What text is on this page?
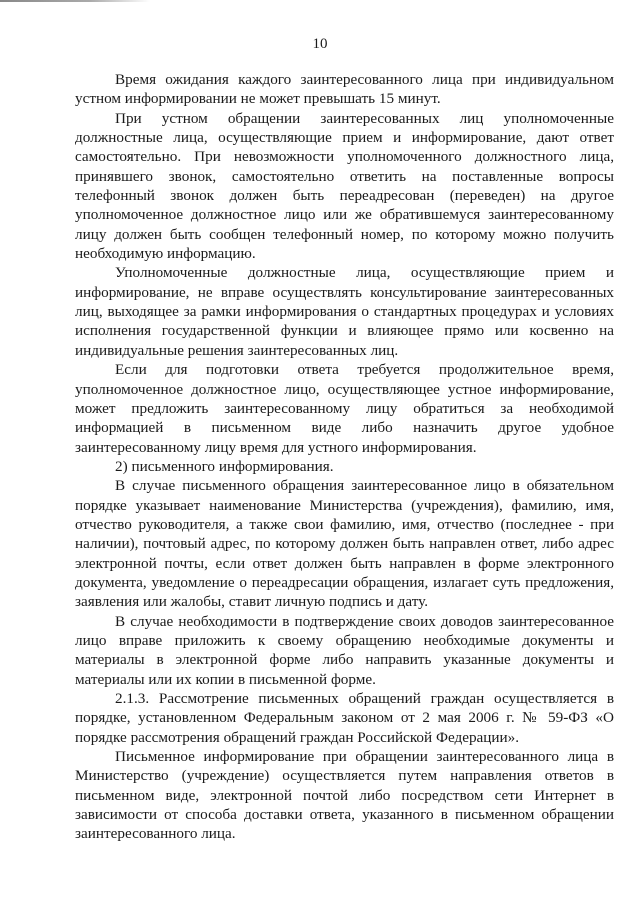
10

Время ожидания каждого заинтересованного лица при индивидуальном устном информировании не может превышать 15 минут.

При устном обращении заинтересованных лиц уполномоченные должностные лица, осуществляющие прием и информирование, дают ответ самостоятельно. При невозможности уполномоченного должностного лица, принявшего звонок, самостоятельно ответить на поставленные вопросы телефонный звонок должен быть переадресован (переведен) на другое уполномоченное должностное лицо или же обратившемуся заинтересованному лицу должен быть сообщен телефонный номер, по которому можно получить необходимую информацию.

Уполномоченные должностные лица, осуществляющие прием и информирование, не вправе осуществлять консультирование заинтересованных лиц, выходящее за рамки информирования о стандартных процедурах и условиях исполнения государственной функции и влияющее прямо или косвенно на индивидуальные решения заинтересованных лиц.

Если для подготовки ответа требуется продолжительное время, уполномоченное должностное лицо, осуществляющее устное информирование, может предложить заинтересованному лицу обратиться за необходимой информацией в письменном виде либо назначить другое удобное заинтересованному лицу время для устного информирования.

2) письменного информирования.

В случае письменного обращения заинтересованное лицо в обязательном порядке указывает наименование Министерства (учреждения), фамилию, имя, отчество руководителя, а также свои фамилию, имя, отчество (последнее - при наличии), почтовый адрес, по которому должен быть направлен ответ, либо адрес электронной почты, если ответ должен быть направлен в форме электронного документа, уведомление о переадресации обращения, излагает суть предложения, заявления или жалобы, ставит личную подпись и дату.

В случае необходимости в подтверждение своих доводов заинтересованное лицо вправе приложить к своему обращению необходимые документы и материалы в электронной форме либо направить указанные документы и материалы или их копии в письменной форме.

2.1.3. Рассмотрение письменных обращений граждан осуществляется в порядке, установленном Федеральным законом от 2 мая 2006 г. № 59-ФЗ «О порядке рассмотрения обращений граждан Российской Федерации».

Письменное информирование при обращении заинтересованного лица в Министерство (учреждение) осуществляется путем направления ответов в письменном виде, электронной почтой либо посредством сети Интернет в зависимости от способа доставки ответа, указанного в письменном обращении заинтересованного лица.
